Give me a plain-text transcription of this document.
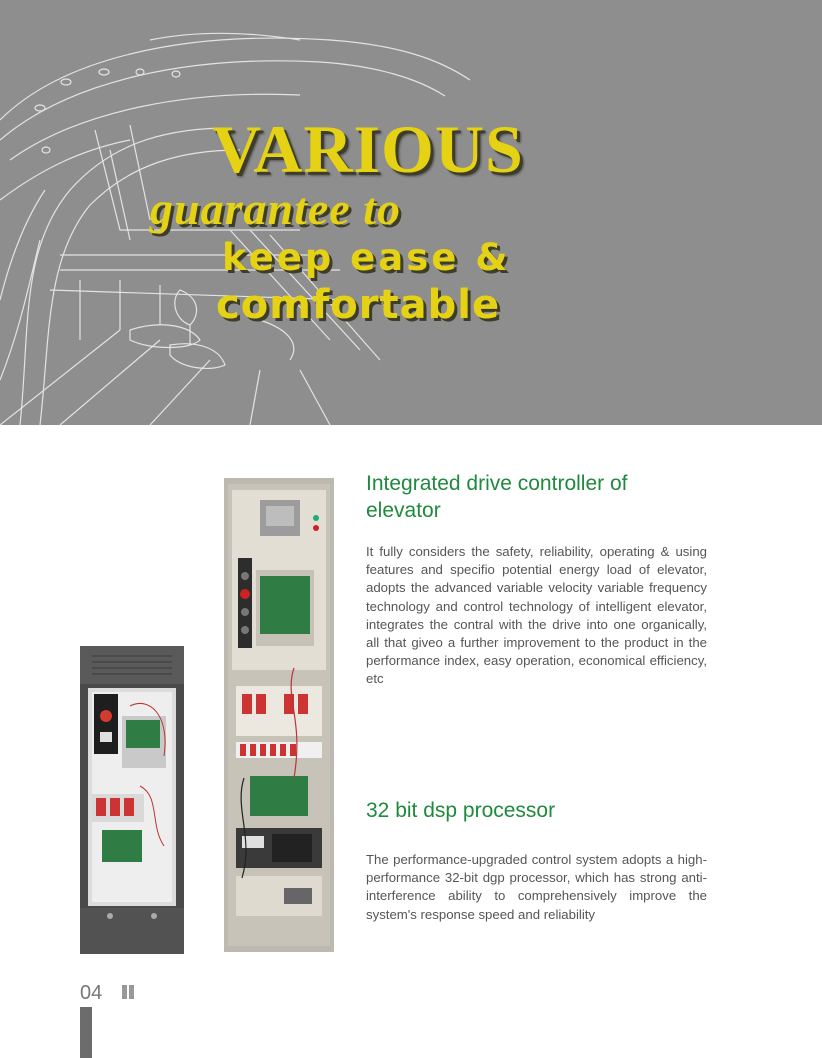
VARIOUS
guarantee to
keep ease &
comfortable
Integrated drive controller of elevator
It fully considers the safety, reliability, operating & using features and specifio potential energy load of elevator, adopts the advanced variable velocity variable frequency technology and control technology of intelligent elevator, integrates the contral with the drive into one organically, all that giveo a further improvement to the product in the performance index, easy operation, economical efficiency, etc
32 bit dsp processor
The performance-upgraded control system adopts a high- performance 32-bit dgp processor, which has strong anti- interference ability to comprehensively improve the system's response speed and reliability
04
